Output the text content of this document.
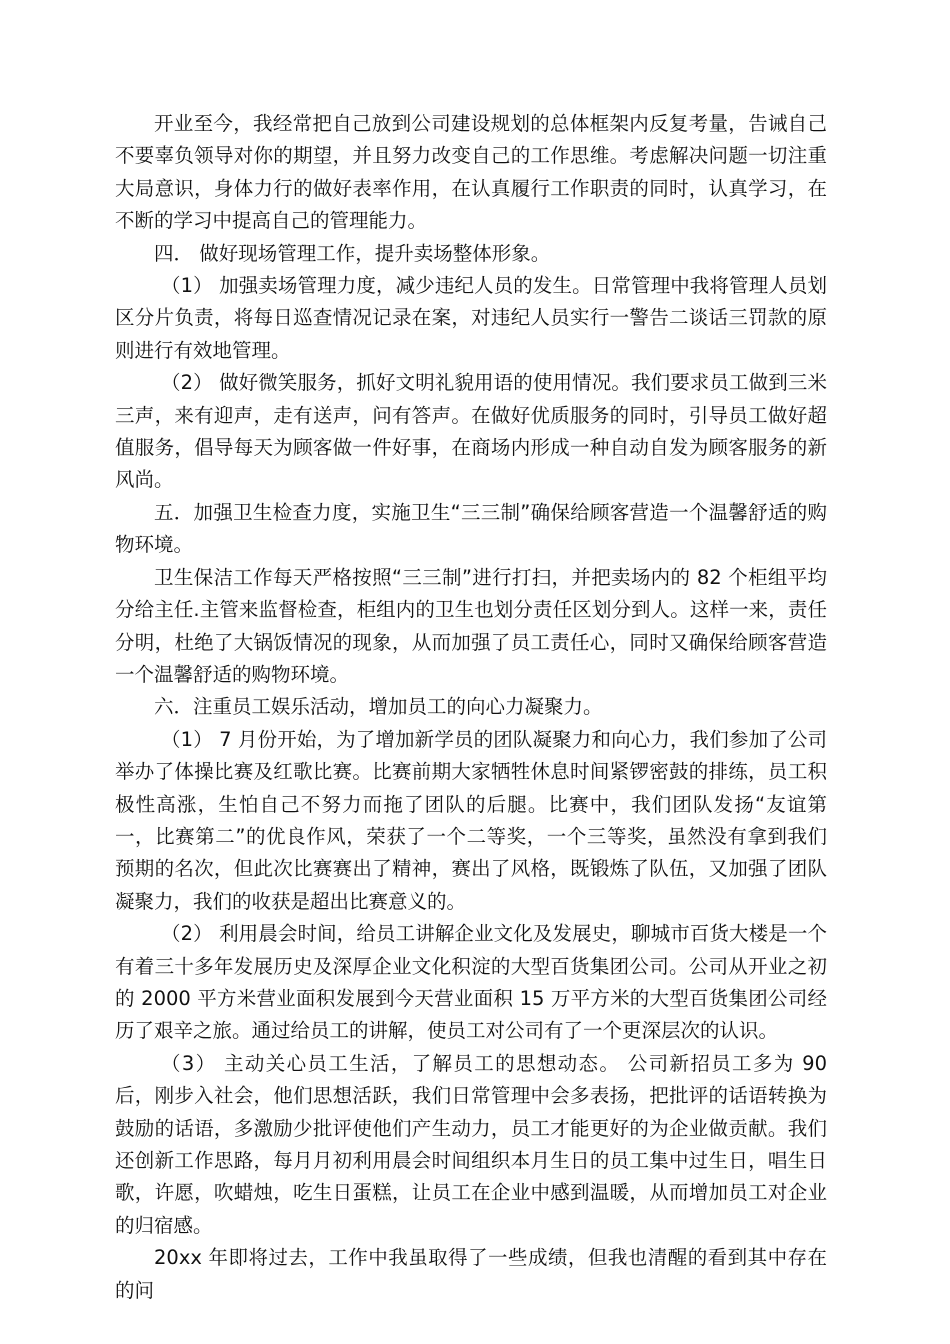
开业至今，我经常把自己放到公司建设规划的总体框架内反复考量，告诫自己不要辜负领导对你的期望，并且努力改变自己的工作思维。考虑解决问题一切注重大局意识，身体力行的做好表率作用，在认真履行工作职责的同时，认真学习，在不断的学习中提高自己的管理能力。

四． 做好现场管理工作，提升卖场整体形象。

（1） 加强卖场管理力度，减少违纪人员的发生。日常管理中我将管理人员划区分片负责，将每日巡查情况记录在案，对违纪人员实行一警告二谈话三罚款的原则进行有效地管理。

（2） 做好微笑服务，抓好文明礼貌用语的使用情况。我们要求员工做到三米三声，来有迎声，走有送声，问有答声。在做好优质服务的同时，引导员工做好超值服务，倡导每天为顾客做一件好事，在商场内形成一种自动自发为顾客服务的新风尚。

五．加强卫生检查力度，实施卫生“三三制”确保给顾客营造一个温馨舒适的购物环境。

卫生保洁工作每天严格按照“三三制”进行打扫，并把卖场内的 82 个柜组平均分给主任.主管来监督检查，柜组内的卫生也划分责任区划分到人。这样一来，责任分明，杜绝了大锅饭情况的现象，从而加强了员工责任心，同时又确保给顾客营造一个温馨舒适的购物环境。

六．注重员工娱乐活动，增加员工的向心力凝聚力。

（1） 7 月份开始，为了增加新学员的团队凝聚力和向心力，我们参加了公司举办了体操比赛及红歌比赛。比赛前期大家牺牲休息时间紧锣密鼓的排练，员工积极性高涨，生怕自己不努力而拖了团队的后腿。比赛中，我们团队发扬“友谊第一，比赛第二”的优良作风，荣获了一个二等奖，一个三等奖，虽然没有拿到我们预期的名次，但此次比赛赛出了精神，赛出了风格，既锻炼了队伍，又加强了团队凝聚力，我们的收获是超出比赛意义的。

（2） 利用晨会时间，给员工讲解企业文化及发展史，聊城市百货大楼是一个有着三十多年发展历史及深厚企业文化积淀的大型百货集团公司。公司从开业之初的 2000 平方米营业面积发展到今天营业面积 15 万平方米的大型百货集团公司经历了艰辛之旅。通过给员工的讲解，使员工对公司有了一个更深层次的认识。

（3） 主动关心员工生活，了解员工的思想动态。 公司新招员工多为 90 后，刚步入社会，他们思想活跃，我们日常管理中会多表扬，把批评的话语转换为鼓励的话语，多激励少批评使他们产生动力，员工才能更好的为企业做贡献。我们还创新工作思路，每月月初利用晨会时间组织本月生日的员工集中过生日，唱生日歌，许愿，吹蜡烛，吃生日蛋糕，让员工在企业中感到温暖，从而增加员工对企业的归宿感。

20xx 年即将过去，工作中我虽取得了一些成绩，但我也清醒的看到其中存在的问
